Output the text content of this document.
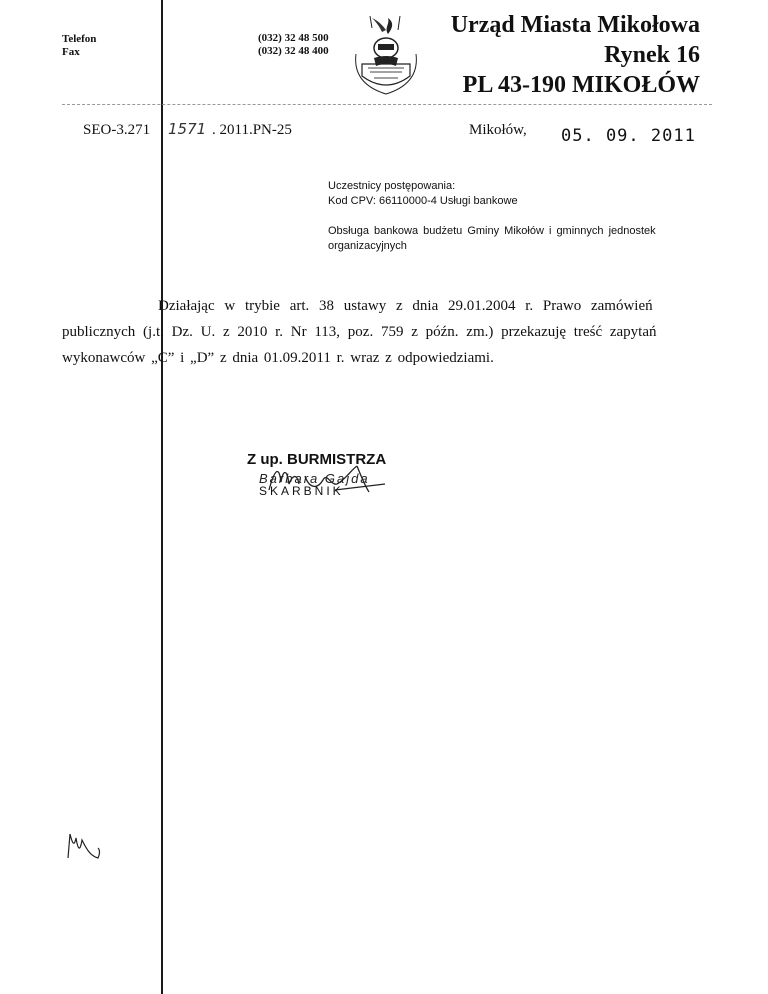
Telefon
Fax
(032) 32 48 500
(032) 32 48 400
Urząd Miasta Mikołowa
Rynek 16
PL 43-190 MIKOŁÓW
SEO-3.271 1571 . 2011.PN-25	Mikołów, 05. 09. 2011
Uczestnicy postępowania:
Kod CPV: 66110000-4 Usługi bankowe
Obsługa bankowa budżetu Gminy Mikołów i gminnych jednostek
organizacyjnych
Działając w trybie art. 38 ustawy z dnia 29.01.2004 r. Prawo zamówień
publicznych (j.t. Dz. U. z 2010 r. Nr 113, poz. 759 z późn. zm.) przekazuję treść zapytań
wykonawców „C” i „D” z dnia 01.09.2011 r. wraz z odpowiedziami.
Z up. BURMISTRZA
Barbara Gajda
SKARBNIK
